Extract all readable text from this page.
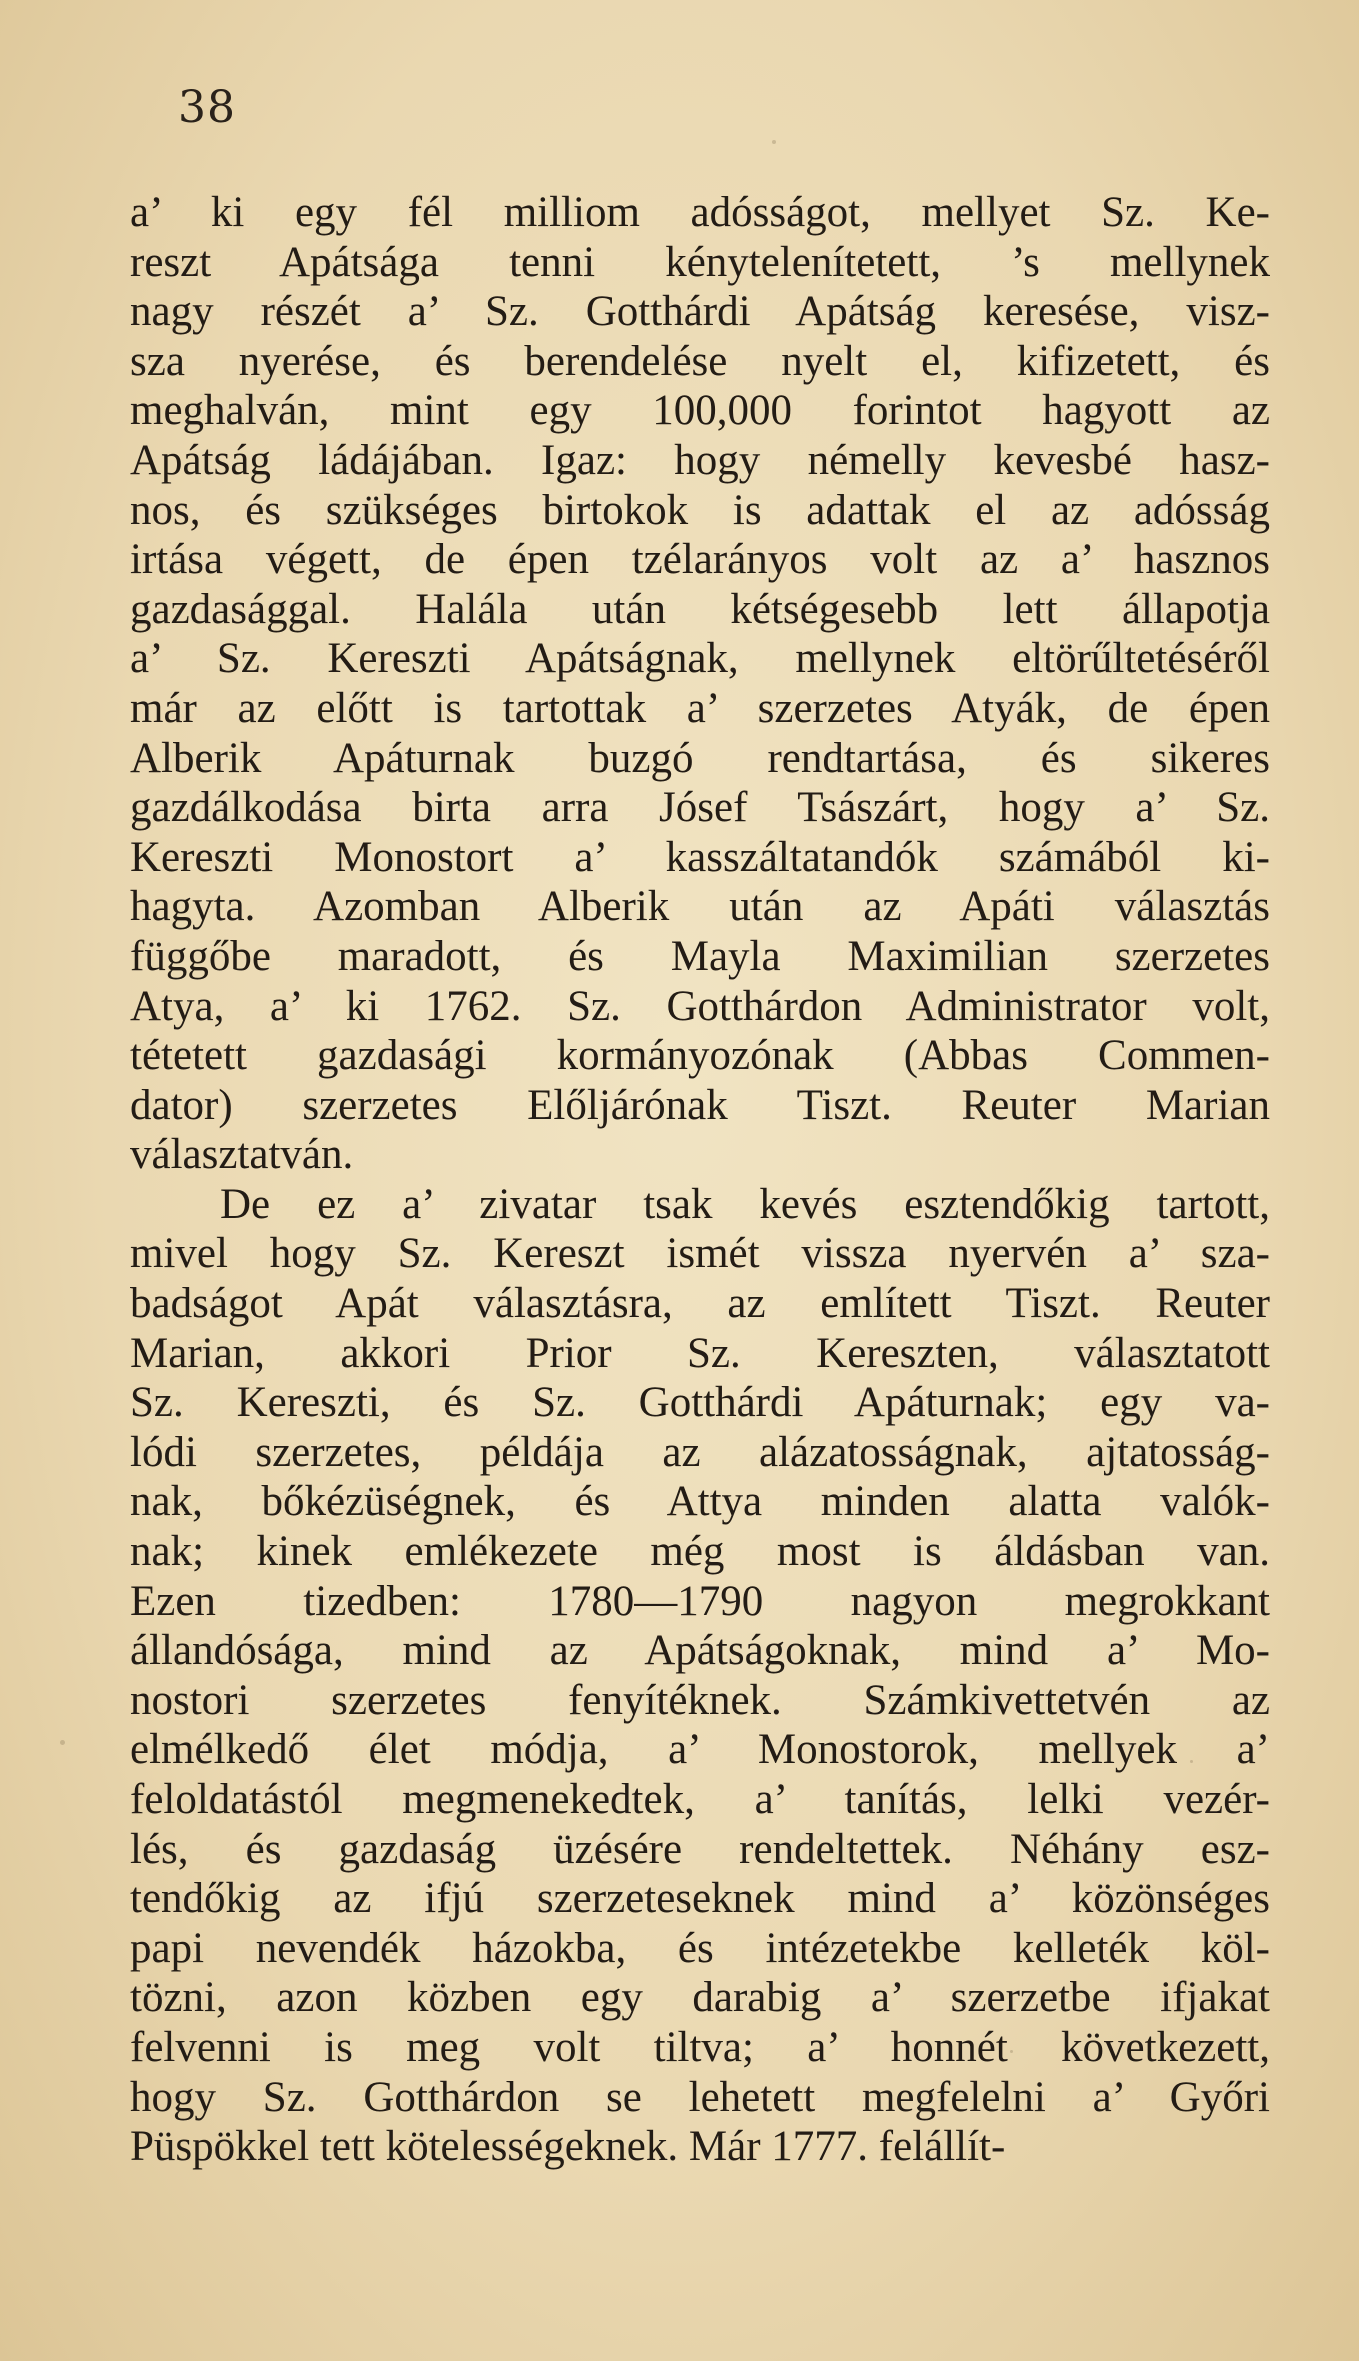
38
a’ ki egy fél milliom adósságot, mellyet Sz. Ke-
reszt Apátsága tenni kénytelenítetett, ’s mellynek
nagy részét a’ Sz. Gotthárdi Apátság keresése, visz-
sza nyerése, és berendelése nyelt el, kifizetett, és
meghalván, mint egy 100,000 forintot hagyott az
Apátság ládájában. Igaz: hogy némelly kevesbé hasz-
nos, és szükséges birtokok is adattak el az adósság
irtása végett, de épen tzélarányos volt az a’ hasznos
gazdasággal. Halála után kétségesebb lett állapotja
a’ Sz. Kereszti Apátságnak, mellynek eltörűltetéséről
már az előtt is tartottak a’ szerzetes Atyák, de épen
Alberik Apáturnak buzgó rendtartása, és sikeres
gazdálkodása birta arra Jósef Tsászárt, hogy a’ Sz.
Kereszti Monostort a’ kasszáltatandók számából ki-
hagyta. Azomban Alberik után az Apáti választás
függőbe maradott, és Mayla Maximilian szerzetes
Atya, a’ ki 1762. Sz. Gotthárdon Administrator volt,
tétetett gazdasági kormányozónak (Abbas Commen-
dator) szerzetes Előljárónak Tiszt. Reuter Marian
választatván.
De ez a’ zivatar tsak kevés esztendőkig tartott,
mivel hogy Sz. Kereszt ismét vissza nyervén a’ sza-
badságot Apát választásra, az említett Tiszt. Reuter
Marian, akkori Prior Sz. Kereszten, választatott
Sz. Kereszti, és Sz. Gotthárdi Apáturnak; egy va-
lódi szerzetes, példája az alázatosságnak, ajtatosság-
nak, bőkézüségnek, és Attya minden alatta valók-
nak; kinek emlékezete még most is áldásban van.
Ezen tizedben: 1780—1790 nagyon megrokkant
állandósága, mind az Apátságoknak, mind a’ Mo-
nostori szerzetes fenyítéknek. Számkivettetvén az
elmélkedő élet módja, a’ Monostorok, mellyek a’
feloldatástól megmenekedtek, a’ tanítás, lelki vezér-
lés, és gazdaság üzésére rendeltettek. Néhány esz-
tendőkig az ifjú szerzeteseknek mind a’ közönséges
papi nevendék házokba, és intézetekbe kelleték köl-
tözni, azon közben egy darabig a’ szerzetbe ifjakat
felvenni is meg volt tiltva; a’ honnét következett,
hogy Sz. Gotthárdon se lehetett megfelelni a’ Győri
Püspökkel tett kötelességeknek. Már 1777. felállít-
